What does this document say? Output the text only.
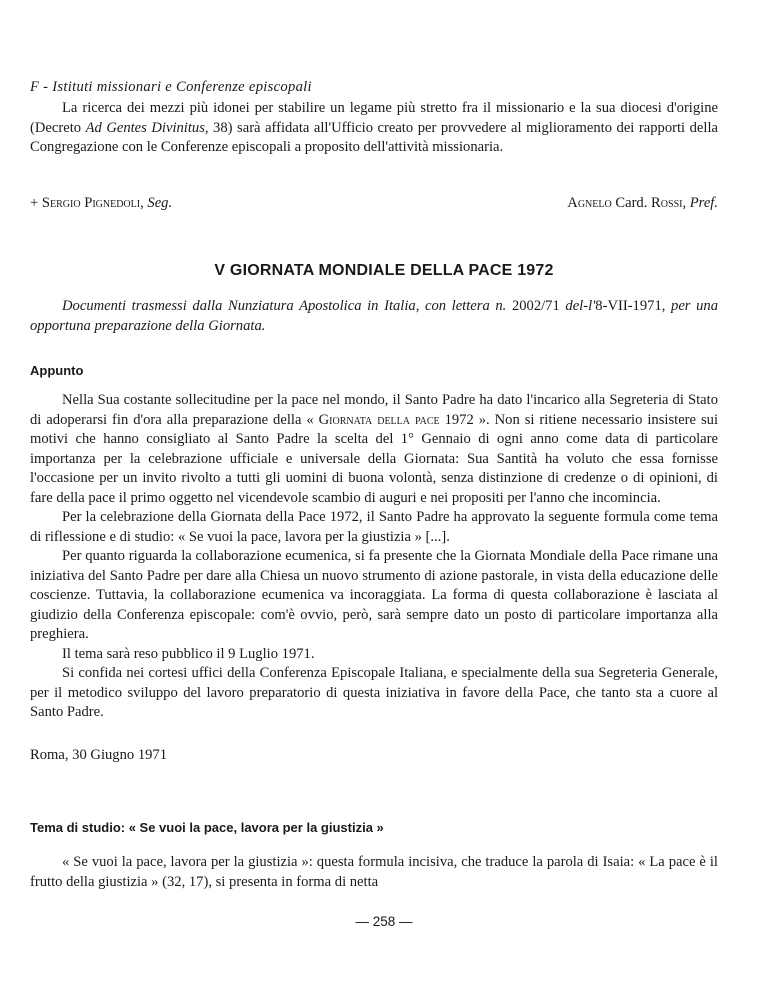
F - Istituti missionari e Conferenze episcopali
La ricerca dei mezzi più idonei per stabilire un legame più stretto fra il missionario e la sua diocesi d'origine (Decreto Ad Gentes Divinitus, 38) sarà affidata all'Ufficio creato per provvedere al miglioramento dei rapporti della Congregazione con le Conferenze episcopali a proposito dell'attività missionaria.
+ Sergio Pignedoli, Seg.	Agnelo Card. Rossi, Pref.
V GIORNATA MONDIALE DELLA PACE 1972
Documenti trasmessi dalla Nunziatura Apostolica in Italia, con lettera n. 2002/71 del-l'8-VII-1971, per una opportuna preparazione della Giornata.
Appunto

Nella Sua costante sollecitudine per la pace nel mondo, il Santo Padre ha dato l'incarico alla Segreteria di Stato di adoperarsi fin d'ora alla preparazione della « Giornata della pace 1972 ». Non si ritiene necessario insistere sui motivi che hanno consigliato al Santo Padre la scelta del 1° Gennaio di ogni anno come data di particolare importanza per la celebrazione ufficiale e universale della Giornata: Sua Santità ha voluto che essa fornisse l'occasione per un invito rivolto a tutti gli uomini di buona volontà, senza distinzione di credenze o di opinioni, di fare della pace il primo oggetto nel vicendevole scambio di auguri e nei propositi per l'anno che incomincia.

Per la celebrazione della Giornata della Pace 1972, il Santo Padre ha approvato la seguente formula come tema di riflessione e di studio: « Se vuoi la pace, lavora per la giustizia » [...].

Per quanto riguarda la collaborazione ecumenica, si fa presente che la Giornata Mondiale della Pace rimane una iniziativa del Santo Padre per dare alla Chiesa un nuovo strumento di azione pastorale, in vista della educazione delle coscienze. Tuttavia, la collaborazione ecumenica va incoraggiata. La forma di questa collaborazione è lasciata al giudizio della Conferenza episcopale: com'è ovvio, però, sarà sempre dato un posto di particolare importanza alla preghiera.

Il tema sarà reso pubblico il 9 Luglio 1971.

Si confida nei cortesi uffici della Conferenza Episcopale Italiana, e specialmente della sua Segreteria Generale, per il metodico sviluppo del lavoro preparatorio di questa iniziativa in favore della Pace, che tanto sta a cuore al Santo Padre.

Roma, 30 Giugno 1971
Tema di studio: « Se vuoi la pace, lavora per la giustizia »
« Se vuoi la pace, lavora per la giustizia »: questa formula incisiva, che traduce la parola di Isaia: « La pace è il frutto della giustizia » (32, 17), si presenta in forma di netta
— 258 —
